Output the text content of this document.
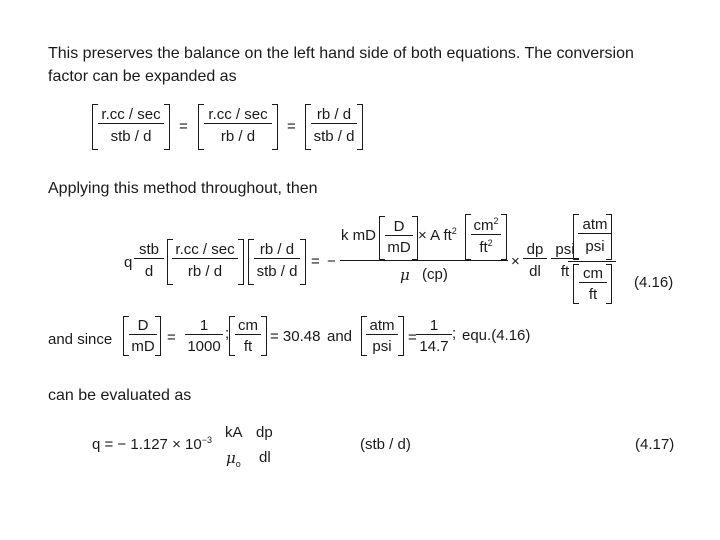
This preserves the balance on the left hand side of both equations. The conversion
factor can be expanded as
r.cc / sec
stb / d
=
r.cc / sec
rb / d
=
rb / d
stb / d
Applying this method throughout, then
q
stb
d
r.cc / sec
rb / d
rb / d
stb / d
= −
k mD
D
mD
× A $ft^2$ $cm^2$
$ft^2$
μ (cp)
×
dp
dl
psi
ft
atm
psi
cm
ft
(4.16)
and since
D
mD
=
1
1000
; cm
ft
= 30.48 and
atm
psi
=
1
14.7
; equ.(4.16)
can be evaluated as
q = − $1.127 \times 10^{-3}$ kA dp
$\mu_o$ dl
(stb / d)	(4.17)
